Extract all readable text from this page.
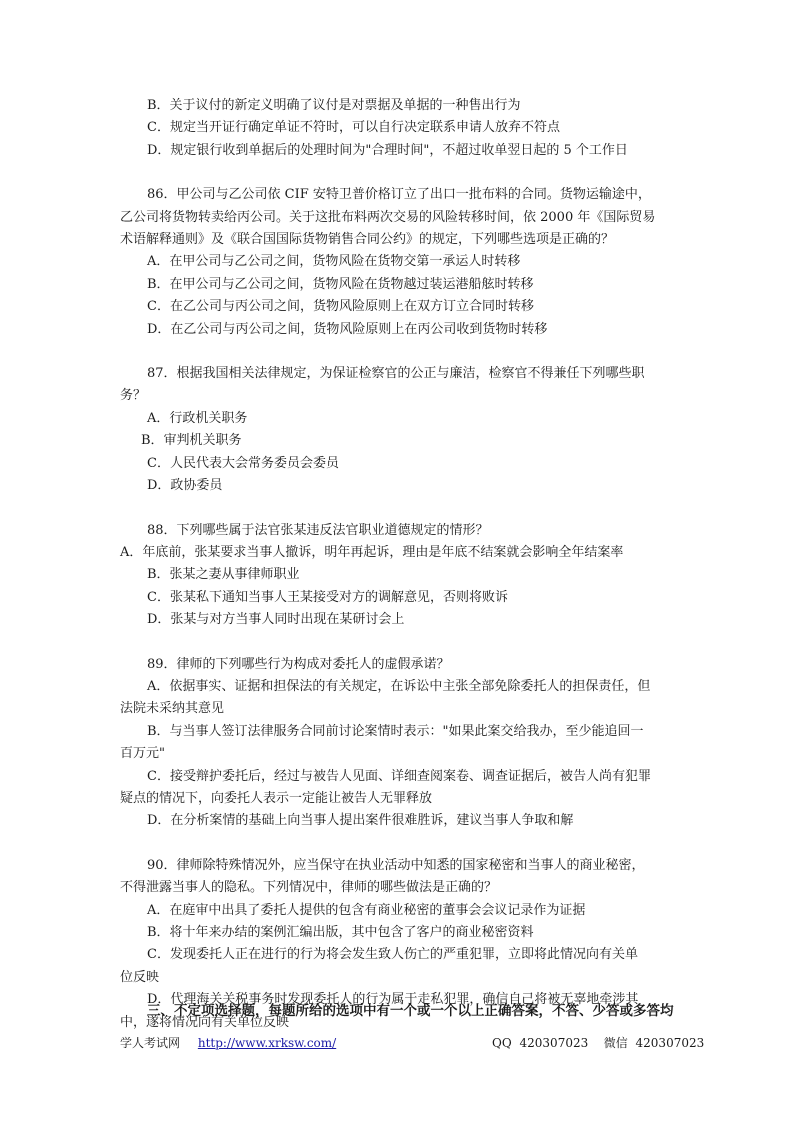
B．关于议付的新定义明确了议付是对票据及单据的一种售出行为
C．规定当开证行确定单证不符时，可以自行决定联系申请人放弃不符点
D．规定银行收到单据后的处理时间为"合理时间"，不超过收单翌日起的 5 个工作日
86．甲公司与乙公司依 CIF 安特卫普价格订立了出口一批布料的合同。货物运输途中，
乙公司将货物转卖给丙公司。关于这批布料两次交易的风险转移时间，依 2000 年《国际贸易
术语解释通则》及《联合国国际货物销售合同公约》的规定，下列哪些选项是正确的？
A．在甲公司与乙公司之间，货物风险在货物交第一承运人时转移
B．在甲公司与乙公司之间，货物风险在货物越过装运港船舷时转移
C．在乙公司与丙公司之间，货物风险原则上在双方订立合同时转移
D．在乙公司与丙公司之间，货物风险原则上在丙公司收到货物时转移
87．根据我国相关法律规定，为保证检察官的公正与廉洁，检察官不得兼任下列哪些职
务？
A．行政机关职务
B．审判机关职务
C．人民代表大会常务委员会委员
D．政协委员
88．下列哪些属于法官张某违反法官职业道德规定的情形？
A．年底前，张某要求当事人撤诉，明年再起诉，理由是年底不结案就会影响全年结案率
B．张某之妻从事律师职业
C．张某私下通知当事人王某接受对方的调解意见，否则将败诉
D．张某与对方当事人同时出现在某研讨会上
89．律师的下列哪些行为构成对委托人的虚假承诺？
A．依据事实、证据和担保法的有关规定，在诉讼中主张全部免除委托人的担保责任，但
法院未采纳其意见
B．与当事人签订法律服务合同前讨论案情时表示："如果此案交给我办，至少能追回一
百万元"
C．接受辩护委托后，经过与被告人见面、详细查阅案卷、调查证据后，被告人尚有犯罪
疑点的情况下，向委托人表示一定能让被告人无罪释放
D．在分析案情的基础上向当事人提出案件很难胜诉，建议当事人争取和解
90．律师除特殊情况外，应当保守在执业活动中知悉的国家秘密和当事人的商业秘密，
不得泄露当事人的隐私。下列情况中，律师的哪些做法是正确的？
A．在庭审中出具了委托人提供的包含有商业秘密的董事会会议记录作为证据
B．将十年来办结的案例汇编出版，其中包含了客户的商业秘密资料
C．发现委托人正在进行的行为将会发生致人伤亡的严重犯罪，立即将此情况向有关单
位反映
D．代理海关关税事务时发现委托人的行为属于走私犯罪，确信自己将被无辜地牵涉其
中，遂将情况向有关单位反映
三、不定项选择题，每题所给的选项中有一个或一个以上正确答案，不答、少答或多答均
学人考试网 http://www.xrksw.com/	QQ 420307023 微信 420307023
